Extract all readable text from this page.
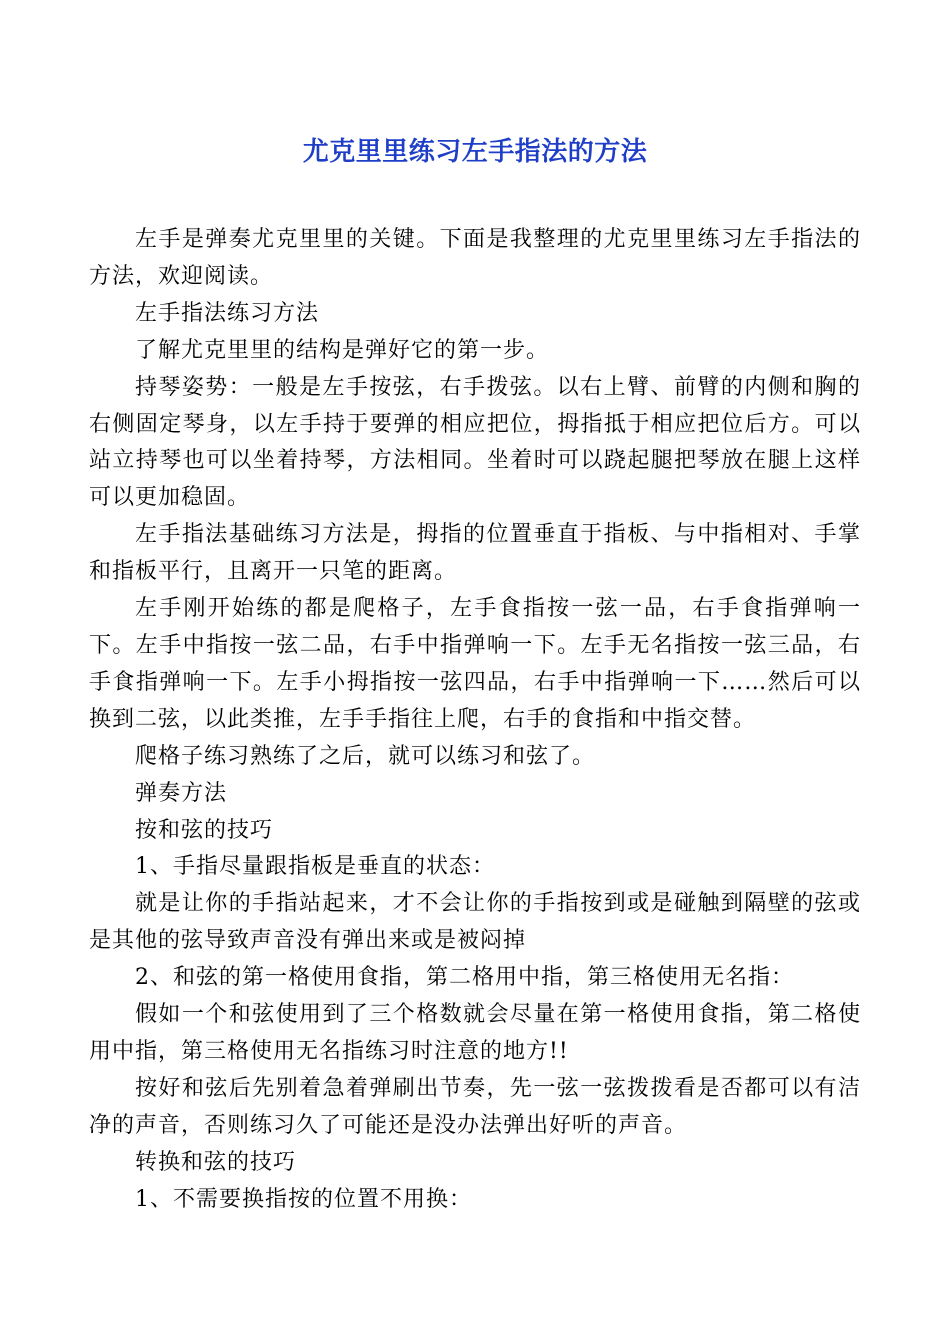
尤克里里练习左手指法的方法

左手是弹奏尤克里里的关键。下面是我整理的尤克里里练习左手指法的方法，欢迎阅读。

左手指法练习方法

了解尤克里里的结构是弹好它的第一步。

持琴姿势：一般是左手按弦，右手拨弦。以右上臂、前臂的内侧和胸的右侧固定琴身，以左手持于要弹的相应把位，拇指抵于相应把位后方。可以站立持琴也可以坐着持琴，方法相同。坐着时可以跷起腿把琴放在腿上这样可以更加稳固。

左手指法基础练习方法是，拇指的位置垂直于指板、与中指相对、手掌和指板平行，且离开一只笔的距离。

左手刚开始练的都是爬格子，左手食指按一弦一品，右手食指弹响一下。左手中指按一弦二品，右手中指弹响一下。左手无名指按一弦三品，右手食指弹响一下。左手小拇指按一弦四品，右手中指弹响一下……然后可以换到二弦，以此类推，左手手指往上爬，右手的食指和中指交替。

爬格子练习熟练了之后，就可以练习和弦了。

弹奏方法

按和弦的技巧

1、手指尽量跟指板是垂直的状态：

就是让你的手指站起来，才不会让你的手指按到或是碰触到隔壁的弦或是其他的弦导致声音没有弹出来或是被闷掉

2、和弦的第一格使用食指，第二格用中指，第三格使用无名指：

假如一个和弦使用到了三个格数就会尽量在第一格使用食指，第二格使用中指，第三格使用无名指练习时注意的地方!!

按好和弦后先别着急着弹刷出节奏，先一弦一弦拨拨看是否都可以有洁净的声音，否则练习久了可能还是没办法弹出好听的声音。

转换和弦的技巧

1、不需要换指按的位置不用换：
